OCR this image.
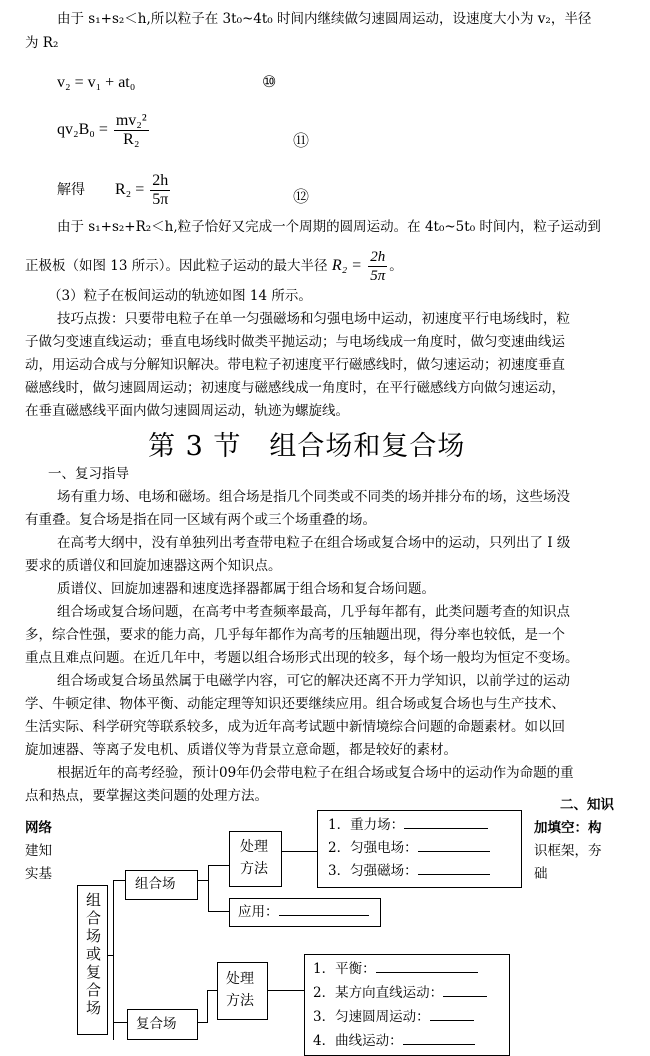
由于 s₁+s₂＜h,所以粒子在 3t₀~4t₀ 时间内继续做匀速圆周运动，设速度大小为 v₂，半径
为 R₂
v₂ = v₁ + at₀	⑩
$qv_2B_0 = \frac{\text{mv₂²}}{\text{R₂}}$	⑪
解得 $R_2 = \frac{2h}{5\pi}$	⑫
由于 s₁+s₂+R₂＜h,粒子恰好又完成一个周期的圆周运动。在 4t₀~5t₀ 时间内，粒子运动到
正极板（如图 13 所示）。因此粒子运动的最大半径 $R_2 = \frac{2h}{5\pi}$ 。
（3）粒子在板间运动的轨迹如图 14 所示。
技巧点拨：只要带电粒子在单一匀强磁场和匀强电场中运动，初速度平行电场线时，粒
子做匀变速直线运动；垂直电场线时做类平抛运动；与电场线成一角度时，做匀变速曲线运
动，用运动合成与分解知识解决。带电粒子初速度平行磁感线时，做匀速运动；初速度垂直
磁感线时，做匀速圆周运动；初速度与磁感线成一角度时，在平行磁感线方向做匀速运动，
在垂直磁感线平面内做匀速圆周运动，轨迹为螺旋线。
第 3 节　组合场和复合场
一、复习指导
场有重力场、电场和磁场。组合场是指几个同类或不同类的场并排分布的场，这些场没
有重叠。复合场是指在同一区域有两个或三个场重叠的场。
在高考大纲中，没有单独列出考查带电粒子在组合场或复合场中的运动，只列出了 I 级
要求的质谱仪和回旋加速器这两个知识点。
质谱仪、回旋加速器和速度选择器都属于组合场和复合场问题。
组合场或复合场问题，在高考中考查频率最高，几乎每年都有，此类问题考查的知识点
多，综合性强，要求的能力高，几乎每年都作为高考的压轴题出现，得分率也较低，是一个
重点且难点问题。在近几年中，考题以组合场形式出现的较多，每个场一般均为恒定不变场。
组合场或复合场虽然属于电磁学内容，可它的解决还离不开力学知识，以前学过的运动
学、牛顿定律、物体平衡、动能定理等知识还要继续应用。组合场或复合场也与生产技术、
生活实际、科学研究等联系较多，成为近年高考试题中新情境综合问题的命题素材。如以回
旋加速器、等离子发电机、质谱仪等为背景立意命题，都是较好的素材。
根据近年的高考经验，预计09年仍会带电粒子在组合场或复合场中的运动作为命题的重
点和热点，要掌握这类问题的处理方法。
网络
建知
实基
二、知识
加填空：构
识框架，夯
础
组合场或复合场
组合场
处理方法
应用：
1．重力场：
2．匀强电场：
3．匀强磁场：
复合场
处理方法
1．平衡：
2．某方向直线运动：
3．匀速圆周运动：
4．曲线运动：
